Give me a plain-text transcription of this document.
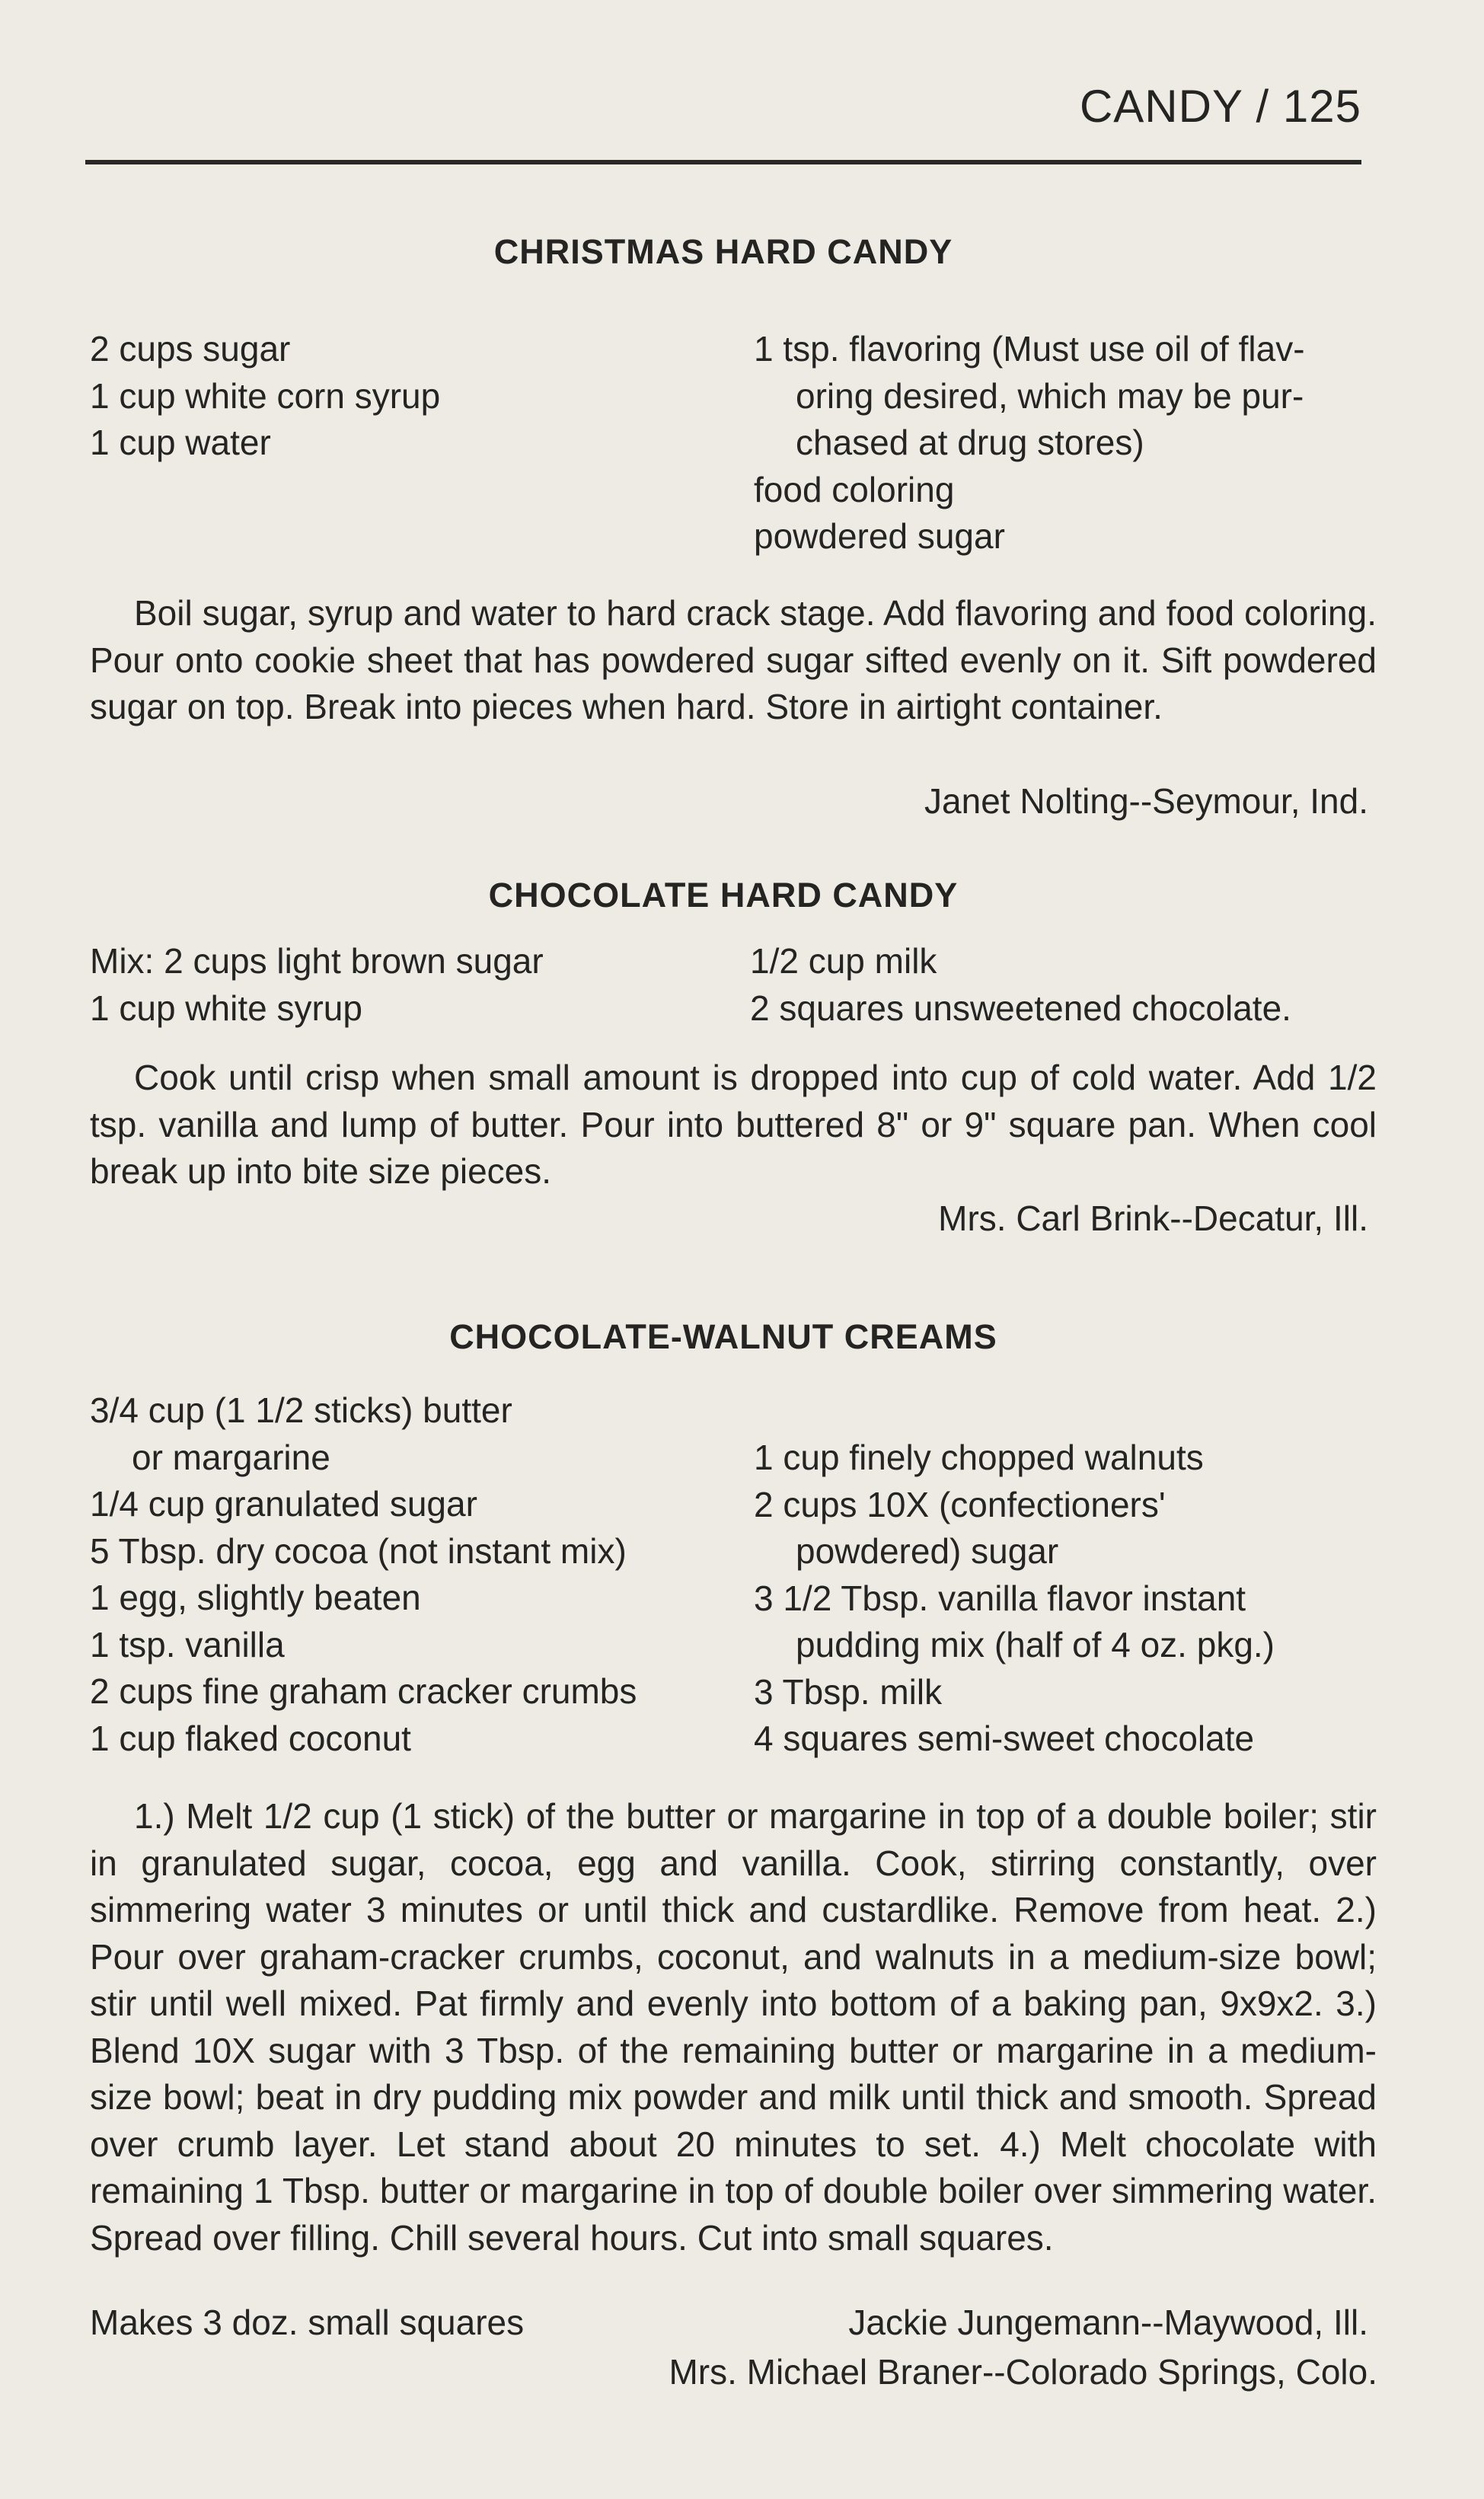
CANDY / 125
CHRISTMAS HARD CANDY
2 cups sugar
1 cup white corn syrup
1 cup water
1 tsp. flavoring (Must use oil of flav-
oring desired, which may be pur-
chased at drug stores)
food coloring
powdered sugar
Boil sugar, syrup and water to hard crack stage. Add flavoring and food coloring. Pour onto cookie sheet that has powdered sugar sifted evenly on it. Sift powdered sugar on top. Break into pieces when hard. Store in airtight container.
Janet Nolting--Seymour, Ind.
CHOCOLATE HARD CANDY
Mix: 2 cups light brown sugar
1 cup white syrup
1/2 cup milk
2 squares unsweetened chocolate.
Cook until crisp when small amount is dropped into cup of cold water. Add 1/2 tsp. vanilla and lump of butter. Pour into buttered 8" or 9" square pan. When cool break up into bite size pieces.
Mrs. Carl Brink--Decatur, Ill.
CHOCOLATE-WALNUT CREAMS
3/4 cup (1 1/2 sticks) butter
or margarine
1/4 cup granulated sugar
5 Tbsp. dry cocoa (not instant mix)
1 egg, slightly beaten
1 tsp. vanilla
2 cups fine graham cracker crumbs
1 cup flaked coconut
1 cup finely chopped walnuts
2 cups 10X (confectioners'
powdered) sugar
3 1/2 Tbsp. vanilla flavor instant
pudding mix (half of 4 oz. pkg.)
3 Tbsp. milk
4 squares semi-sweet chocolate
1.) Melt 1/2 cup (1 stick) of the butter or margarine in top of a double boiler; stir in granulated sugar, cocoa, egg and vanilla. Cook, stirring constantly, over simmering water 3 minutes or until thick and custardlike. Remove from heat. 2.) Pour over graham-cracker crumbs, coconut, and walnuts in a medium-size bowl; stir until well mixed. Pat firmly and evenly into bottom of a baking pan, 9x9x2. 3.) Blend 10X sugar with 3 Tbsp. of the remaining butter or margarine in a medium-size bowl; beat in dry pudding mix powder and milk until thick and smooth. Spread over crumb layer. Let stand about 20 minutes to set. 4.) Melt chocolate with remaining 1 Tbsp. butter or margarine in top of double boiler over simmering water. Spread over filling. Chill several hours. Cut into small squares.
Makes 3 doz. small squares	Jackie Jungemann--Maywood, Ill.
Mrs. Michael Braner--Colorado Springs, Colo.
